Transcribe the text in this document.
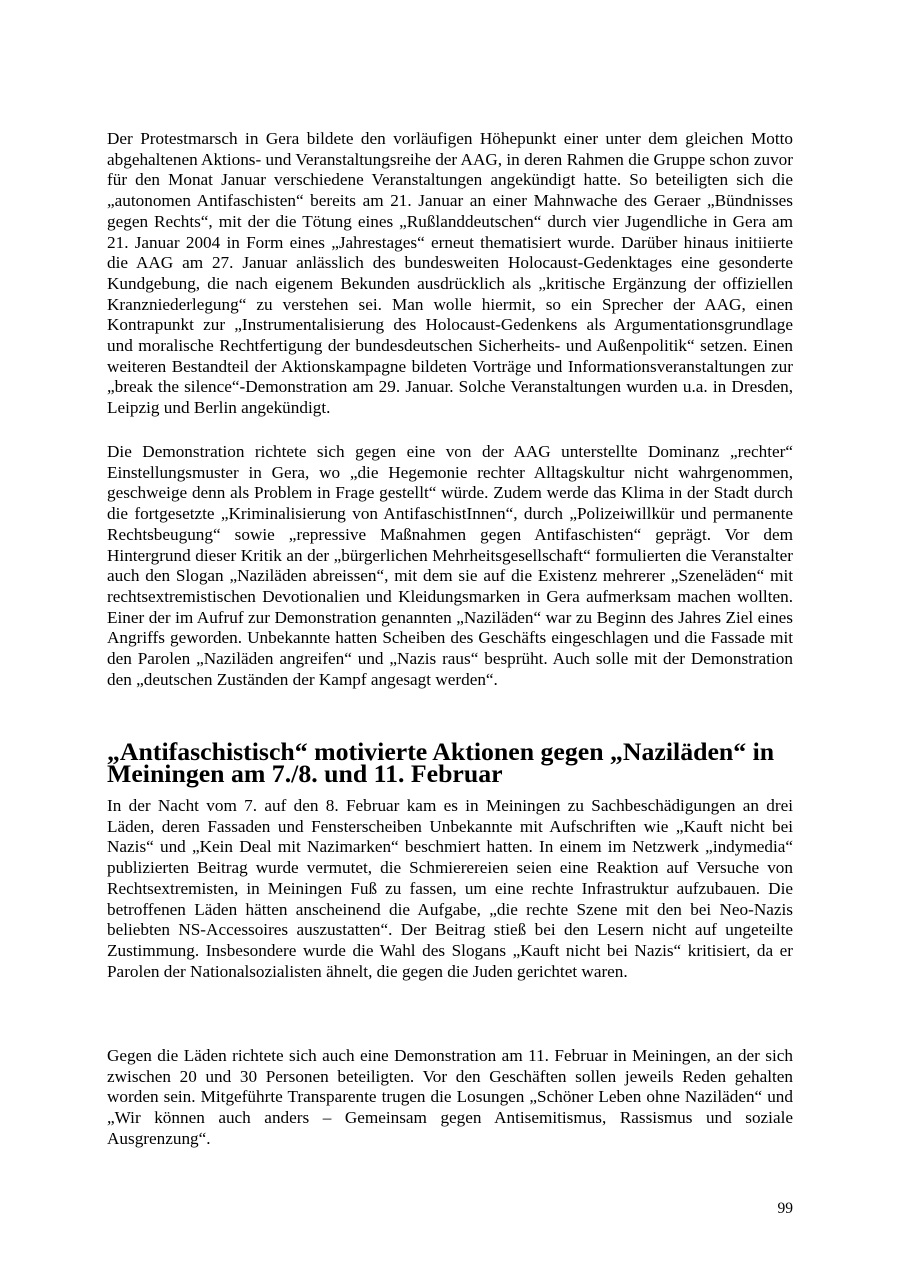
Der Protestmarsch in Gera bildete den vorläufigen Höhepunkt einer unter dem gleichen Motto abgehaltenen Aktions- und Veranstaltungsreihe der AAG, in deren Rahmen die Gruppe schon zuvor für den Monat Januar verschiedene Veranstaltungen angekündigt hatte. So beteiligten sich die „autonomen Antifaschisten“ bereits am 21. Januar an einer Mahnwache des Geraer „Bündnisses gegen Rechts“, mit der die Tötung eines „Rußlanddeutschen“ durch vier Jugendliche in Gera am 21. Januar 2004 in Form eines „Jahrestages“ erneut thematisiert wurde. Darüber hinaus initiierte die AAG am 27. Januar anlässlich des bundesweiten Holocaust-Gedenktages eine gesonderte Kundgebung, die nach eigenem Bekunden ausdrücklich als „kritische Ergänzung der offiziellen Kranzniederlegung“ zu verstehen sei. Man wolle hiermit, so ein Sprecher der AAG, einen Kontrapunkt zur „Instrumentalisierung des Holocaust-Gedenkens als Argumentationsgrundlage und moralische Rechtfertigung der bundesdeutschen Sicherheits- und Außenpolitik“ setzen. Einen weiteren Bestandteil der Aktionskampagne bildeten Vorträge und Informationsveranstaltungen zur „break the silence“-Demonstration am 29. Januar. Solche Veranstaltungen wurden u.a. in Dresden, Leipzig und Berlin angekündigt.

Die Demonstration richtete sich gegen eine von der AAG unterstellte Dominanz „rechter“ Einstellungsmuster in Gera, wo „die Hegemonie rechter Alltagskultur nicht wahrgenommen, geschweige denn als Problem in Frage gestellt“ würde. Zudem werde das Klima in der Stadt durch die fortgesetzte „Kriminalisierung von AntifaschistInnen“, durch „Polizeiwillkür und permanente Rechtsbeugung“ sowie „repressive Maßnahmen gegen Antifaschisten“ geprägt. Vor dem Hintergrund dieser Kritik an der „bürgerlichen Mehrheitsgesellschaft“ formulierten die Veranstalter auch den Slogan „Naziläden abreissen“, mit dem sie auf die Existenz mehrerer „Szeneläden“ mit rechtsextremistischen Devotionalien und Kleidungsmarken in Gera aufmerksam machen wollten. Einer der im Aufruf zur Demonstration genannten „Naziläden“ war zu Beginn des Jahres Ziel eines Angriffs geworden. Unbekannte hatten Scheiben des Geschäfts eingeschlagen und die Fassade mit den Parolen „Naziläden angreifen“ und „Nazis raus“ besprüht. Auch solle mit der Demonstration den „deutschen Zuständen der Kampf angesagt werden“.

„Antifaschistisch“ motivierte Aktionen gegen „Naziläden“ in Meiningen am 7./8. und 11. Februar

In der Nacht vom 7. auf den 8. Februar kam es in Meiningen zu Sachbeschädigungen an drei Läden, deren Fassaden und Fensterscheiben Unbekannte mit Aufschriften wie „Kauft nicht bei Nazis“ und „Kein Deal mit Nazimarken“ beschmiert hatten. In einem im Netzwerk „indymedia“ publizierten Beitrag wurde vermutet, die Schmierereien seien eine Reaktion auf Versuche von Rechtsextremisten, in Meiningen Fuß zu fassen, um eine rechte Infrastruktur aufzubauen. Die betroffenen Läden hätten anscheinend die Aufgabe, „die rechte Szene mit den bei Neo-Nazis beliebten NS-Accessoires auszustatten“. Der Beitrag stieß bei den Lesern nicht auf ungeteilte Zustimmung. Insbesondere wurde die Wahl des Slogans „Kauft nicht bei Nazis“ kritisiert, da er Parolen der Nationalsozialisten ähnelt, die gegen die Juden gerichtet waren.

Gegen die Läden richtete sich auch eine Demonstration am 11. Februar in Meiningen, an der sich zwischen 20 und 30 Personen beteiligten. Vor den Geschäften sollen jeweils Reden gehalten worden sein. Mitgeführte Transparente trugen die Losungen „Schöner Leben ohne Naziläden“ und „Wir können auch anders – Gemeinsam gegen Antisemitismus, Rassismus und soziale Ausgrenzung“.

99
